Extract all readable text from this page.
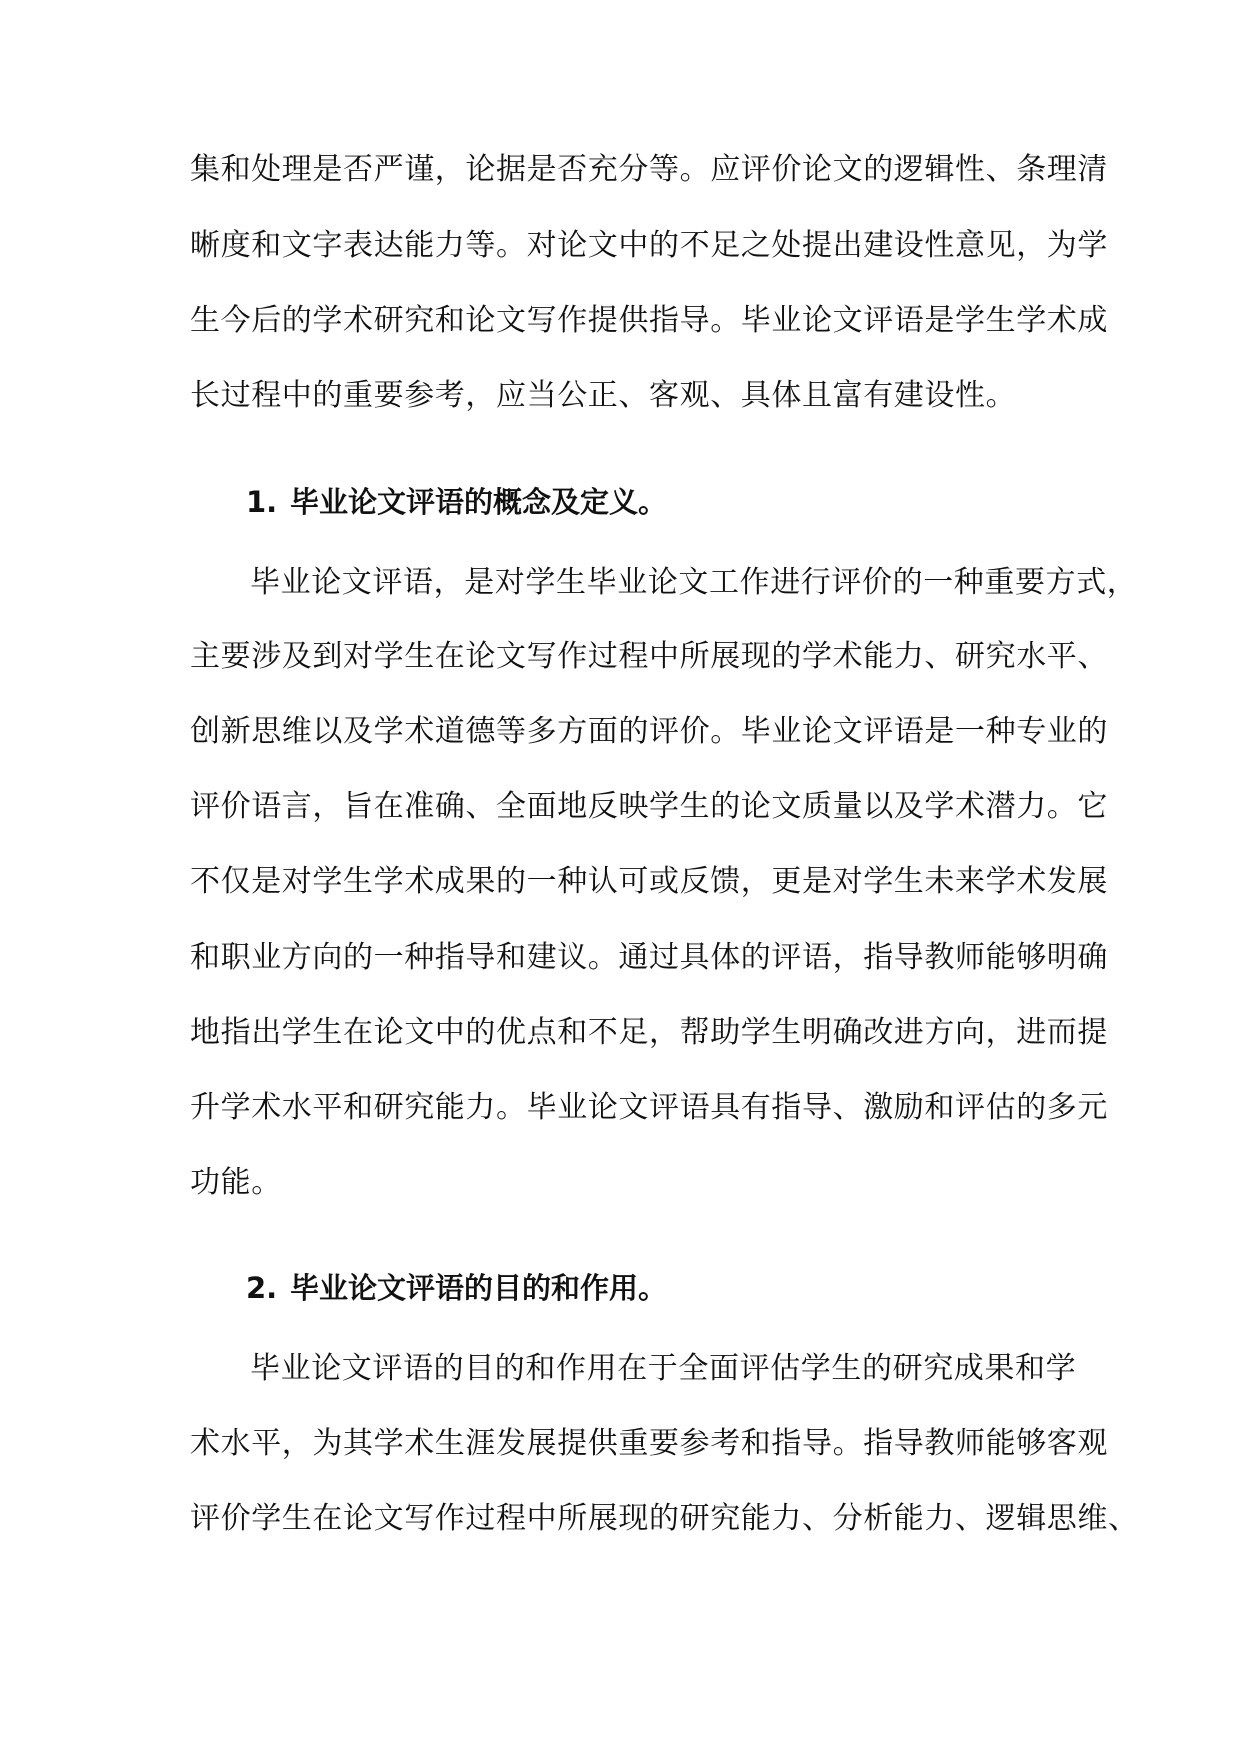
集和处理是否严谨，论据是否充分等。应评价论文的逻辑性、条理清
晰度和文字表达能力等。对论文中的不足之处提出建设性意见，为学
生今后的学术研究和论文写作提供指导。毕业论文评语是学生学术成
长过程中的重要参考，应当公正、客观、具体且富有建设性。
1. 毕业论文评语的概念及定义。
毕业论文评语，是对学生毕业论文工作进行评价的一种重要方式，
主要涉及到对学生在论文写作过程中所展现的学术能力、研究水平、
创新思维以及学术道德等多方面的评价。毕业论文评语是一种专业的
评价语言，旨在准确、全面地反映学生的论文质量以及学术潜力。它
不仅是对学生学术成果的一种认可或反馈，更是对学生未来学术发展
和职业方向的一种指导和建议。通过具体的评语，指导教师能够明确
地指出学生在论文中的优点和不足，帮助学生明确改进方向，进而提
升学术水平和研究能力。毕业论文评语具有指导、激励和评估的多元
功能。
2. 毕业论文评语的目的和作用。
毕业论文评语的目的和作用在于全面评估学生的研究成果和学
术水平，为其学术生涯发展提供重要参考和指导。指导教师能够客观
评价学生在论文写作过程中所展现的研究能力、分析能力、逻辑思维、
